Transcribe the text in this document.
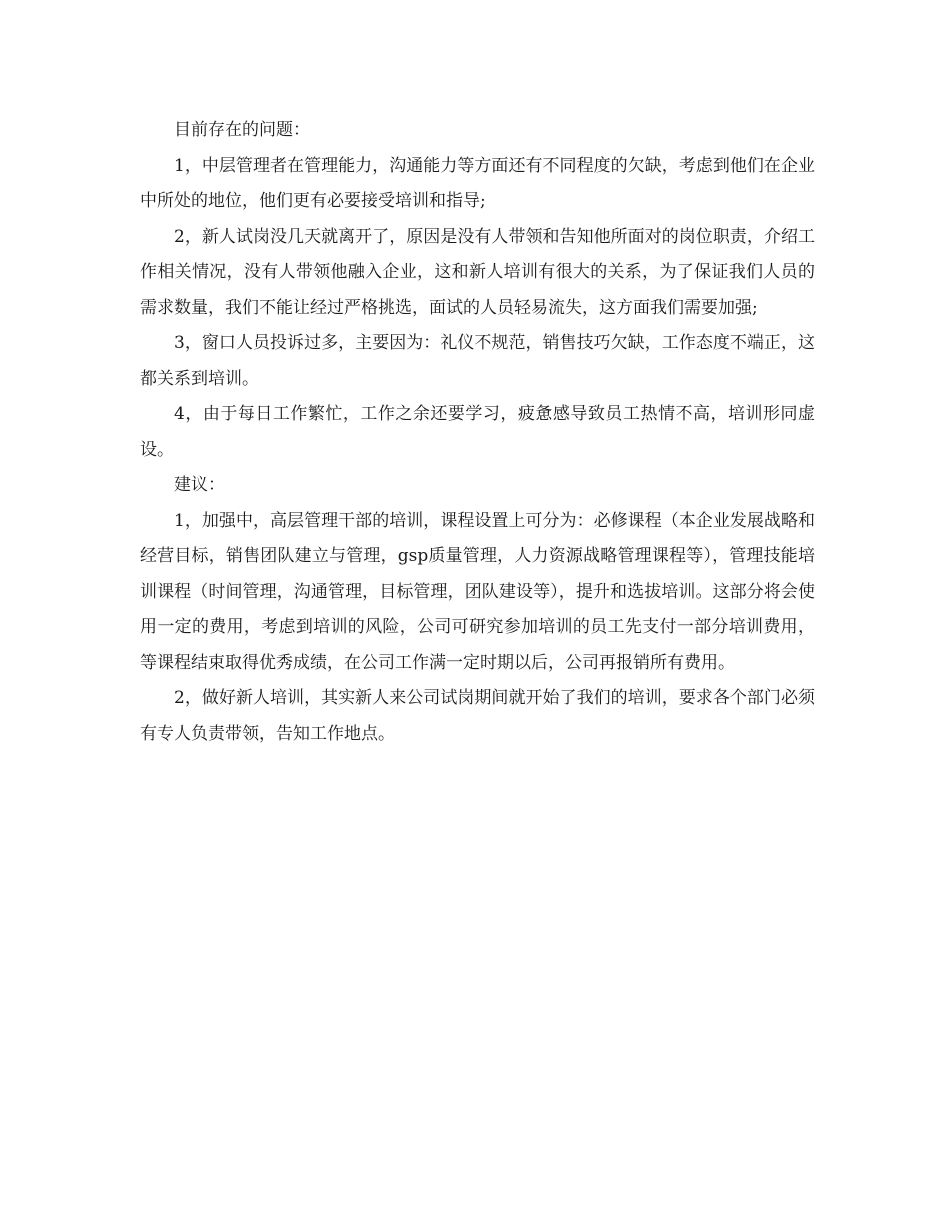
目前存在的问题：

1，中层管理者在管理能力，沟通能力等方面还有不同程度的欠缺，考虑到他们在企业中所处的地位，他们更有必要接受培训和指导;

2，新人试岗没几天就离开了，原因是没有人带领和告知他所面对的岗位职责，介绍工作相关情况，没有人带领他融入企业，这和新人培训有很大的关系，为了保证我们人员的需求数量，我们不能让经过严格挑选，面试的人员轻易流失，这方面我们需要加强;

3，窗口人员投诉过多，主要因为：礼仪不规范，销售技巧欠缺，工作态度不端正，这都关系到培训。

4，由于每日工作繁忙，工作之余还要学习，疲惫感导致员工热情不高，培训形同虚设。

建议：

1，加强中，高层管理干部的培训，课程设置上可分为：必修课程（本企业发展战略和经营目标，销售团队建立与管理，gsp质量管理，人力资源战略管理课程等），管理技能培训课程（时间管理，沟通管理，目标管理，团队建设等），提升和选拔培训。这部分将会使用一定的费用，考虑到培训的风险，公司可研究参加培训的员工先支付一部分培训费用，等课程结束取得优秀成绩，在公司工作满一定时期以后，公司再报销所有费用。

2，做好新人培训，其实新人来公司试岗期间就开始了我们的培训，要求各个部门必须有专人负责带领，告知工作地点。
